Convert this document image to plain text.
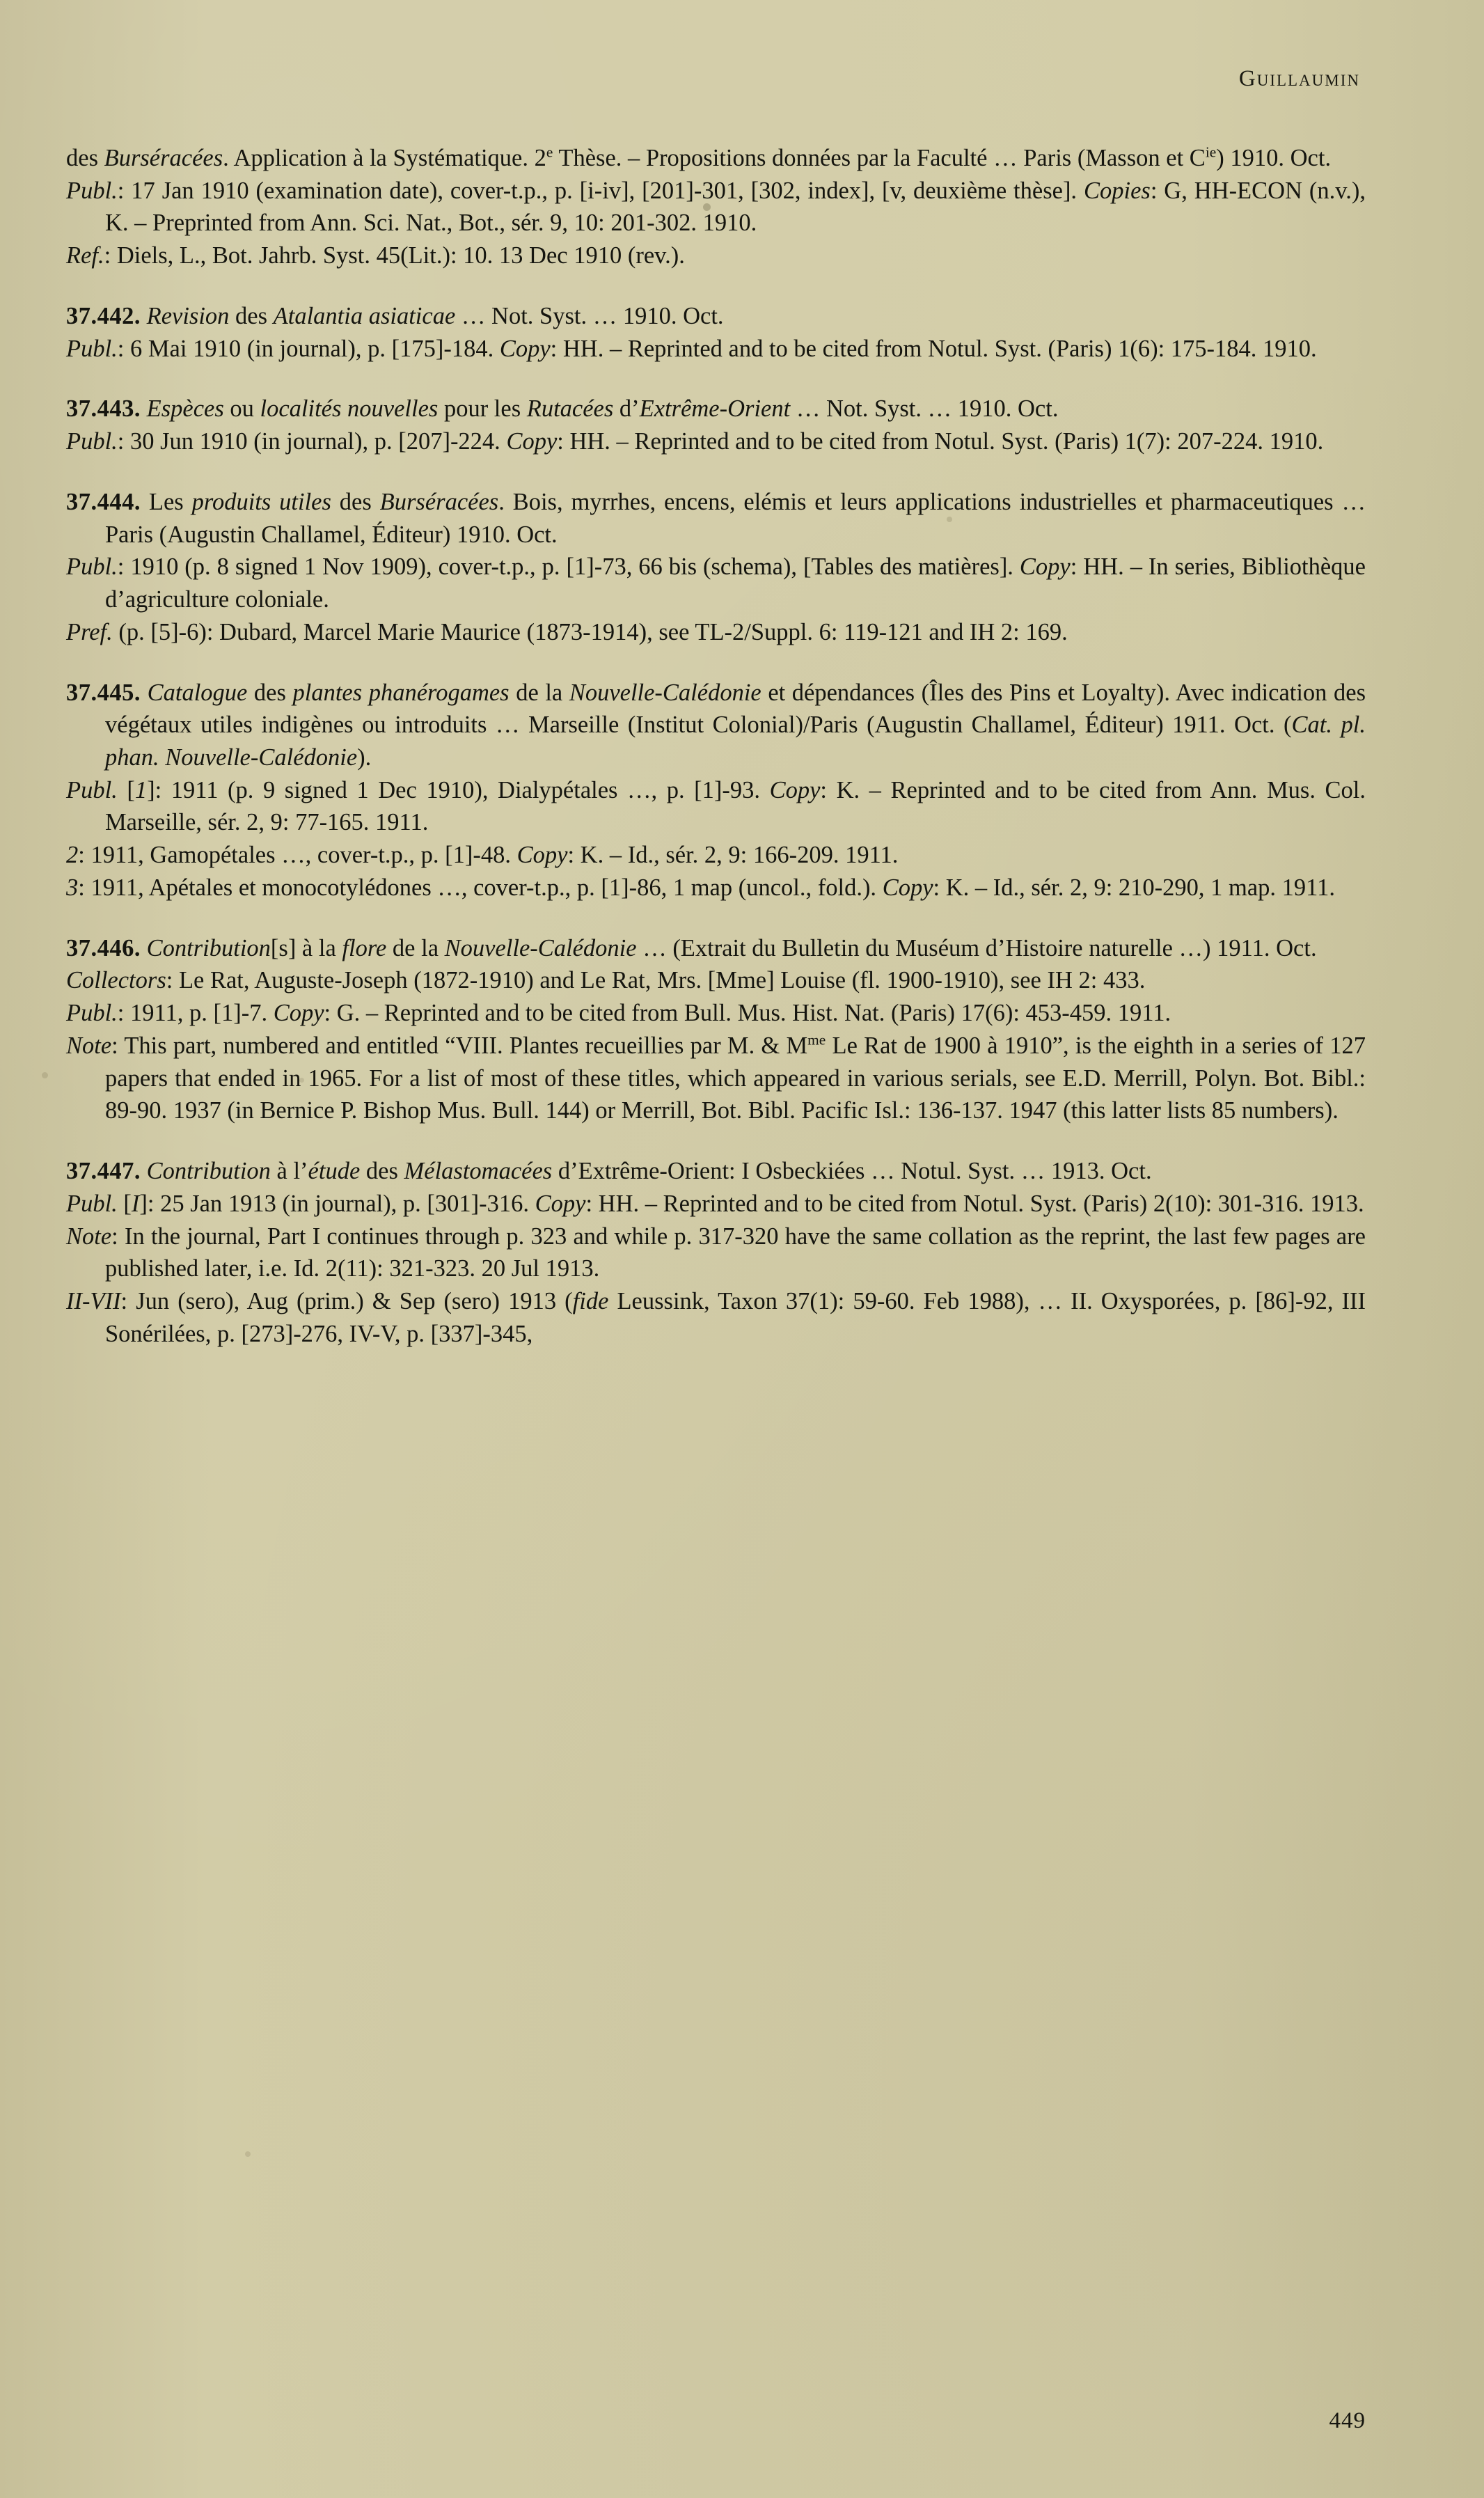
Guillaumin

des Burséracées. Application à la Systématique. 2e Thèse. – Propositions données par la Faculté … Paris (Masson et $C^{ie}$) 1910. Oct.

Publ.: 17 Jan 1910 (examination date), cover-t.p., p. [i-iv], [201]-301, [302, index], [v, deuxième thèse]. Copies: G, HH-ECON (n.v.), K. – Preprinted from Ann. Sci. Nat., Bot., sér. 9, 10: 201-302. 1910.

Ref.: Diels, L., Bot. Jahrb. Syst. 45(Lit.): 10. 13 Dec 1910 (rev.).

37.442. Revision des Atalantia asiaticae … Not. Syst. … 1910. Oct.

Publ.: 6 Mai 1910 (in journal), p. [175]-184. Copy: HH. – Reprinted and to be cited from Notul. Syst. (Paris) 1(6): 175-184. 1910.

37.443. Espèces ou localités nouvelles pour les Rutacées d’Extrême-Orient … Not. Syst. … 1910. Oct.

Publ.: 30 Jun 1910 (in journal), p. [207]-224. Copy: HH. – Reprinted and to be cited from Notul. Syst. (Paris) 1(7): 207-224. 1910.

37.444. Les produits utiles des Burséracées. Bois, myrrhes, encens, elémis et leurs applications industrielles et pharmaceutiques … Paris (Augustin Challamel, Éditeur) 1910. Oct.

Publ.: 1910 (p. 8 signed 1 Nov 1909), cover-t.p., p. [1]-73, 66 bis (schema), [Tables des matières]. Copy: HH. – In series, Bibliothèque d’agriculture coloniale.

Pref. (p. [5]-6): Dubard, Marcel Marie Maurice (1873-1914), see TL-2/Suppl. 6: 119-121 and IH 2: 169.

37.445. Catalogue des plantes phanérogames de la Nouvelle-Calédonie et dépendances (Îles des Pins et Loyalty). Avec indication des végétaux utiles indigènes ou introduits … Marseille (Institut Colonial)/Paris (Augustin Challamel, Éditeur) 1911. Oct. (Cat. pl. phan. Nouvelle-Calédonie).

Publ. [1]: 1911 (p. 9 signed 1 Dec 1910), Dialypétales …, p. [1]-93. Copy: K. – Reprinted and to be cited from Ann. Mus. Col. Marseille, sér. 2, 9: 77-165. 1911.

2: 1911, Gamopétales …, cover-t.p., p. [1]-48. Copy: K. – Id., sér. 2, 9: 166-209. 1911.

3: 1911, Apétales et monocotylédones …, cover-t.p., p. [1]-86, 1 map (uncol., fold.). Copy: K. – Id., sér. 2, 9: 210-290, 1 map. 1911.

37.446. Contribution[s] à la flore de la Nouvelle-Calédonie … (Extrait du Bulletin du Muséum d’Histoire naturelle …) 1911. Oct.

Collectors: Le Rat, Auguste-Joseph (1872-1910) and Le Rat, Mrs. [Mme] Louise (fl. 1900-1910), see IH 2: 433.

Publ.: 1911, p. [1]-7. Copy: G. – Reprinted and to be cited from Bull. Mus. Hist. Nat. (Paris) 17(6): 453-459. 1911.

Note: This part, numbered and entitled “VIII. Plantes recueillies par M. & $M^{me}$ Le Rat de 1900 à 1910”, is the eighth in a series of 127 papers that ended in 1965. For a list of most of these titles, which appeared in various serials, see E.D. Merrill, Polyn. Bot. Bibl.: 89-90. 1937 (in Bernice P. Bishop Mus. Bull. 144) or Merrill, Bot. Bibl. Pacific Isl.: 136-137. 1947 (this latter lists 85 numbers).

37.447. Contribution à l’étude des Mélastomacées d’Extrême-Orient: I Osbeckiées … Notul. Syst. … 1913. Oct.

Publ. [I]: 25 Jan 1913 (in journal), p. [301]-316. Copy: HH. – Reprinted and to be cited from Notul. Syst. (Paris) 2(10): 301-316. 1913.

Note: In the journal, Part I continues through p. 323 and while p. 317-320 have the same collation as the reprint, the last few pages are published later, i.e. Id. 2(11): 321-323. 20 Jul 1913.

II-VII: Jun (sero), Aug (prim.) & Sep (sero) 1913 (fide Leussink, Taxon 37(1): 59-60. Feb 1988), … II. Oxysporées, p. [86]-92, III Sonérilées, p. [273]-276, IV-V, p. [337]-345,

449
